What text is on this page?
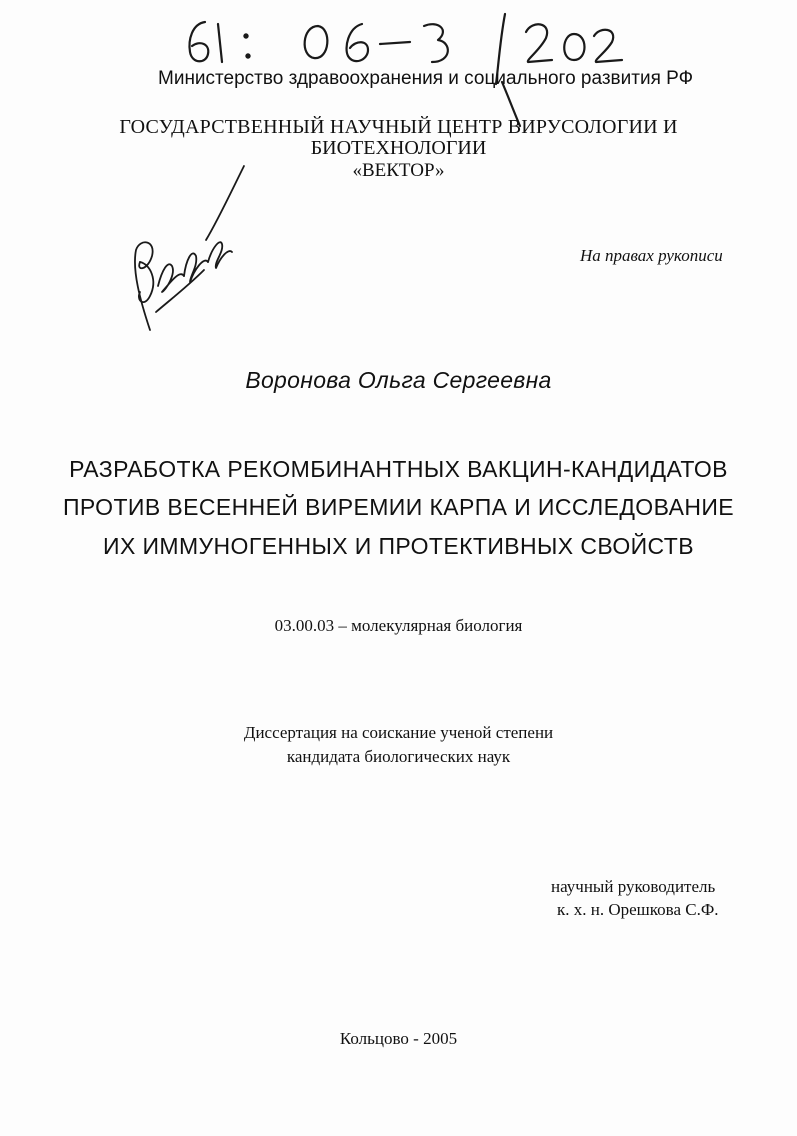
Министерство здравоохранения и социального развития РФ
ГОСУДАРСТВЕННЫЙ НАУЧНЫЙ ЦЕНТР ВИРУСОЛОГИИ И
БИОТЕХНОЛОГИИ
«ВЕКТОР»
На правах рукописи
Воронова Ольга Сергеевна
РАЗРАБОТКА РЕКОМБИНАНТНЫХ ВАКЦИН-КАНДИДАТОВ
ПРОТИВ ВЕСЕННЕЙ ВИРЕМИИ КАРПА И ИССЛЕДОВАНИЕ
ИХ ИММУНОГЕННЫХ И ПРОТЕКТИВНЫХ СВОЙСТВ
03.00.03 – молекулярная биология
Диссертация на соискание ученой степени
кандидата биологических наук
научный руководитель
к. х. н. Орешкова С.Ф.
Кольцово - 2005
